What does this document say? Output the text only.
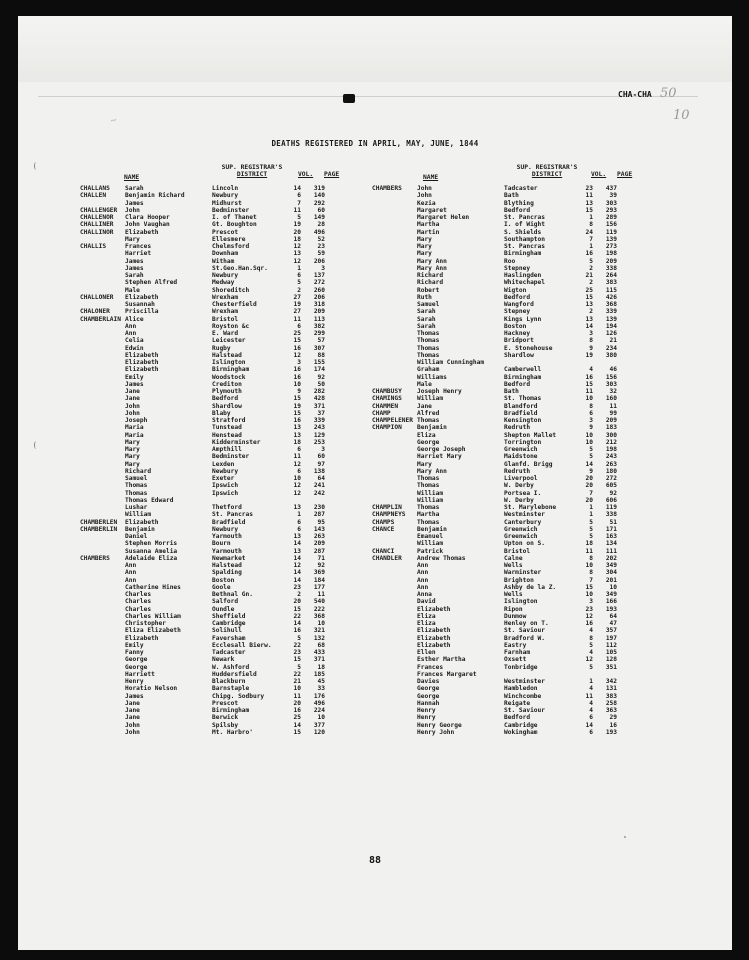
CHA-CHA 50
10
~
DEATHS REGISTERED IN APRIL, MAY, JUNE, 1844
NAME
SUP. REGISTRAR'S
DISTRICT	VOL. PAGE	NAME
SUP. REGISTRAR'S
DISTRICT	VOL. PAGE
CHALLANS Sarah	Lincoln	14	319
CHALLEN	Benjamin Richard	Newbury	6	140
James	Midhurst	7	292
CHALLENGER John	Bedminster	11	60
CHALLENOR Clara Hooper	I. of Thanet	5	149
CHALLINER John Vaughan	Gt. Boughton	19	28
CHALLINOR Elizabeth	Prescot	20	496
Mary	Ellesmere	18	52
CHALLIS	Frances	Chelmsford	12	23
Harriet	Downham	13	59
James	Witham	12	206
James	St.Geo.Han.Sqr.	1	3
Sarah	Newbury	6	137
Stephen Alfred	Medway	5	272
Male	Shoreditch	2	260
CHALLONER Elizabeth	Wrexham	27	206
Susannah	Chesterfield	19	318
CHALONER Priscilla	Wrexham	27	209
CHAMBERLAIN Alice	Bristol	11	113
Ann	Royston &c	6	382
Ann	E. Ward	25	299
Celia	Leicester	15	57
Edwin	Rugby	16	307
Elizabeth	Halstead	12	88
Elizabeth	Islington	3	155
Elizabeth	Birmingham	16	174
Emily	Woodstock	16	92
James	Crediton	10	50
Jane	Plymouth	9	282
Jane	Bedford	15	428
John	Shardlow	19	371
John	Blaby	15	37
Joseph	Stratford	16	339
Maria	Tunstead	13	243
Maria	Henstead	13	129
Mary	Kidderminster	18	253
Mary	Ampthill	6	3
Mary	Bedminster	11	60
Mary	Lexden	12	97
Richard	Newbury	6	138
Samuel	Exeter	10	64
Thomas	Ipswich	12	241
Thomas	Ipswich	12	242
Thomas Edward
Lushar	Thetford	13	230
William	St. Pancras	1	287
CHAMBERLEN Elizabeth	Bradfield	6	95
CHAMBERLIN Benjamin	Newbury	6	143
Daniel	Yarmouth	13	263
Stephen Morris	Bourn	14	209
Susanna Amelia	Yarmouth	13	287
CHAMBERS Adelaide Eliza	Newmarket	14	71
Ann	Halstead	12	92
Ann	Spalding	14	369
Ann	Boston	14	184
Catherine Hines	Goole	23	177
Charles	Bethnal Gn.	2	11
Charles	Salford	20	540
Charles	Oundle	15	222
Charles William	Sheffield	22	368
Christopher	Cambridge	14	10
Eliza Elizabeth	Solihull	16	321
Elizabeth	Faversham	5	132
Emily	Ecclesall Bierw.	22	68
Fanny	Tadcaster	23	433
George	Newark	15	371
George	W. Ashford	5	18
Harriett	Huddersfield	22	185
Henry	Blackburn	21	45
Horatio Nelson	Barnstaple	10	33
James	Chipg. Sodbury	11	176
Jane	Prescot	20	496
Jane	Birmingham	16	224
Jane	Berwick	25	10
John	Spilsby	14	377
John	Mt. Harbro'	15	120
CHAMBERS John	Tadcaster	23	437
John	Bath	11	39
Kezia	Blything	13	303
Margaret	Bedford	15	293
Margaret Helen	St. Pancras	1	289
Martha	I. of Wight	8	156
Martin	S. Shields	24	119
Mary	Southampton	7	139
Mary	St. Pancras	1	273
Mary	Birmingham	16	198
Mary Ann	Roo	5	209
Mary Ann	Stepney	2	338
Richard	Haslingden	21	264
Richard	Whitechapel	2	383
Robert	Wigton	25	115
Ruth	Bedford	15	426
Samuel	Wangford	13	368
Sarah	Stepney	2	339
Sarah	Kings Lynn	13	139
Sarah	Boston	14	194
Thomas	Hackney	3	126
Thomas	Bridport	8	21
Thomas	E. Stonehouse	9	234
Thomas	Shardlow	19	380
William Cunningham
Graham	Camberwell	4	46
Williams	Birmingham	16	156
Male	Bedford	15	303
CHAMBUSY Joseph Henry	Bath	11	32
CHAMINGS William	St. Thomas	10	160
CHAMMEN	Jane	Blandford	8	11
CHAMP	Alfred	Bradfield	6	99
CHAMPELENER Thomas	Kensington	3	209
CHAMPION Benjamin	Redruth	9	183
Eliza	Shepton Mallet	10	300
George	Torrington	10	212
George Joseph	Greenwich	5	198
Harriet Mary	Maidstone	5	243
Mary	Glanfd. Brigg	14	263
Mary Ann	Redruth	9	180
Thomas	Liverpool	20	272
Thomas	W. Derby	20	605
William	Portsea I.	7	92
William	W. Derby	20	606
CHAMPLIN Thomas	St. Marylebone	1	119
CHAMPNEYS Martha	Westminster	1	338
CHAMPS	Thomas	Canterbury	5	51
CHANCE	Benjamin	Greenwich	5	171
Emanuel	Greenwich	5	163
William	Upton on S.	18	134
CHANCI	Patrick	Bristol	11	111
CHANDLER Andrew Thomas	Calne	8	202
Ann	Wells	10	349
Ann	Warminster	8	304
Ann	Brighton	7	201
Ann	Ashby de la Z.	15	10
Anna	Wells	10	349
David	Islington	3	166
Elizabeth	Ripon	23	193
Eliza	Dunmow	12	64
Eliza	Henley on T.	16	47
Elizabeth	St. Saviour	4	357
Elizabeth	Bradford W.	8	197
Elizabeth	Eastry	5	112
Ellen	Farnham	4	105
Esther Martha	Oxsett	12	128
Frances	Tonbridge	5	351
Frances Margaret
Davies	Westminster	1	342
George	Hambledon	4	131
George	Winchcombe	11	383
Hannah	Reigate	4	258
Henry	St. Saviour	4	363
Henry	Bedford	6	29
Henry George	Cambridge	14	16
Henry John	Wokingham	6	193
88
